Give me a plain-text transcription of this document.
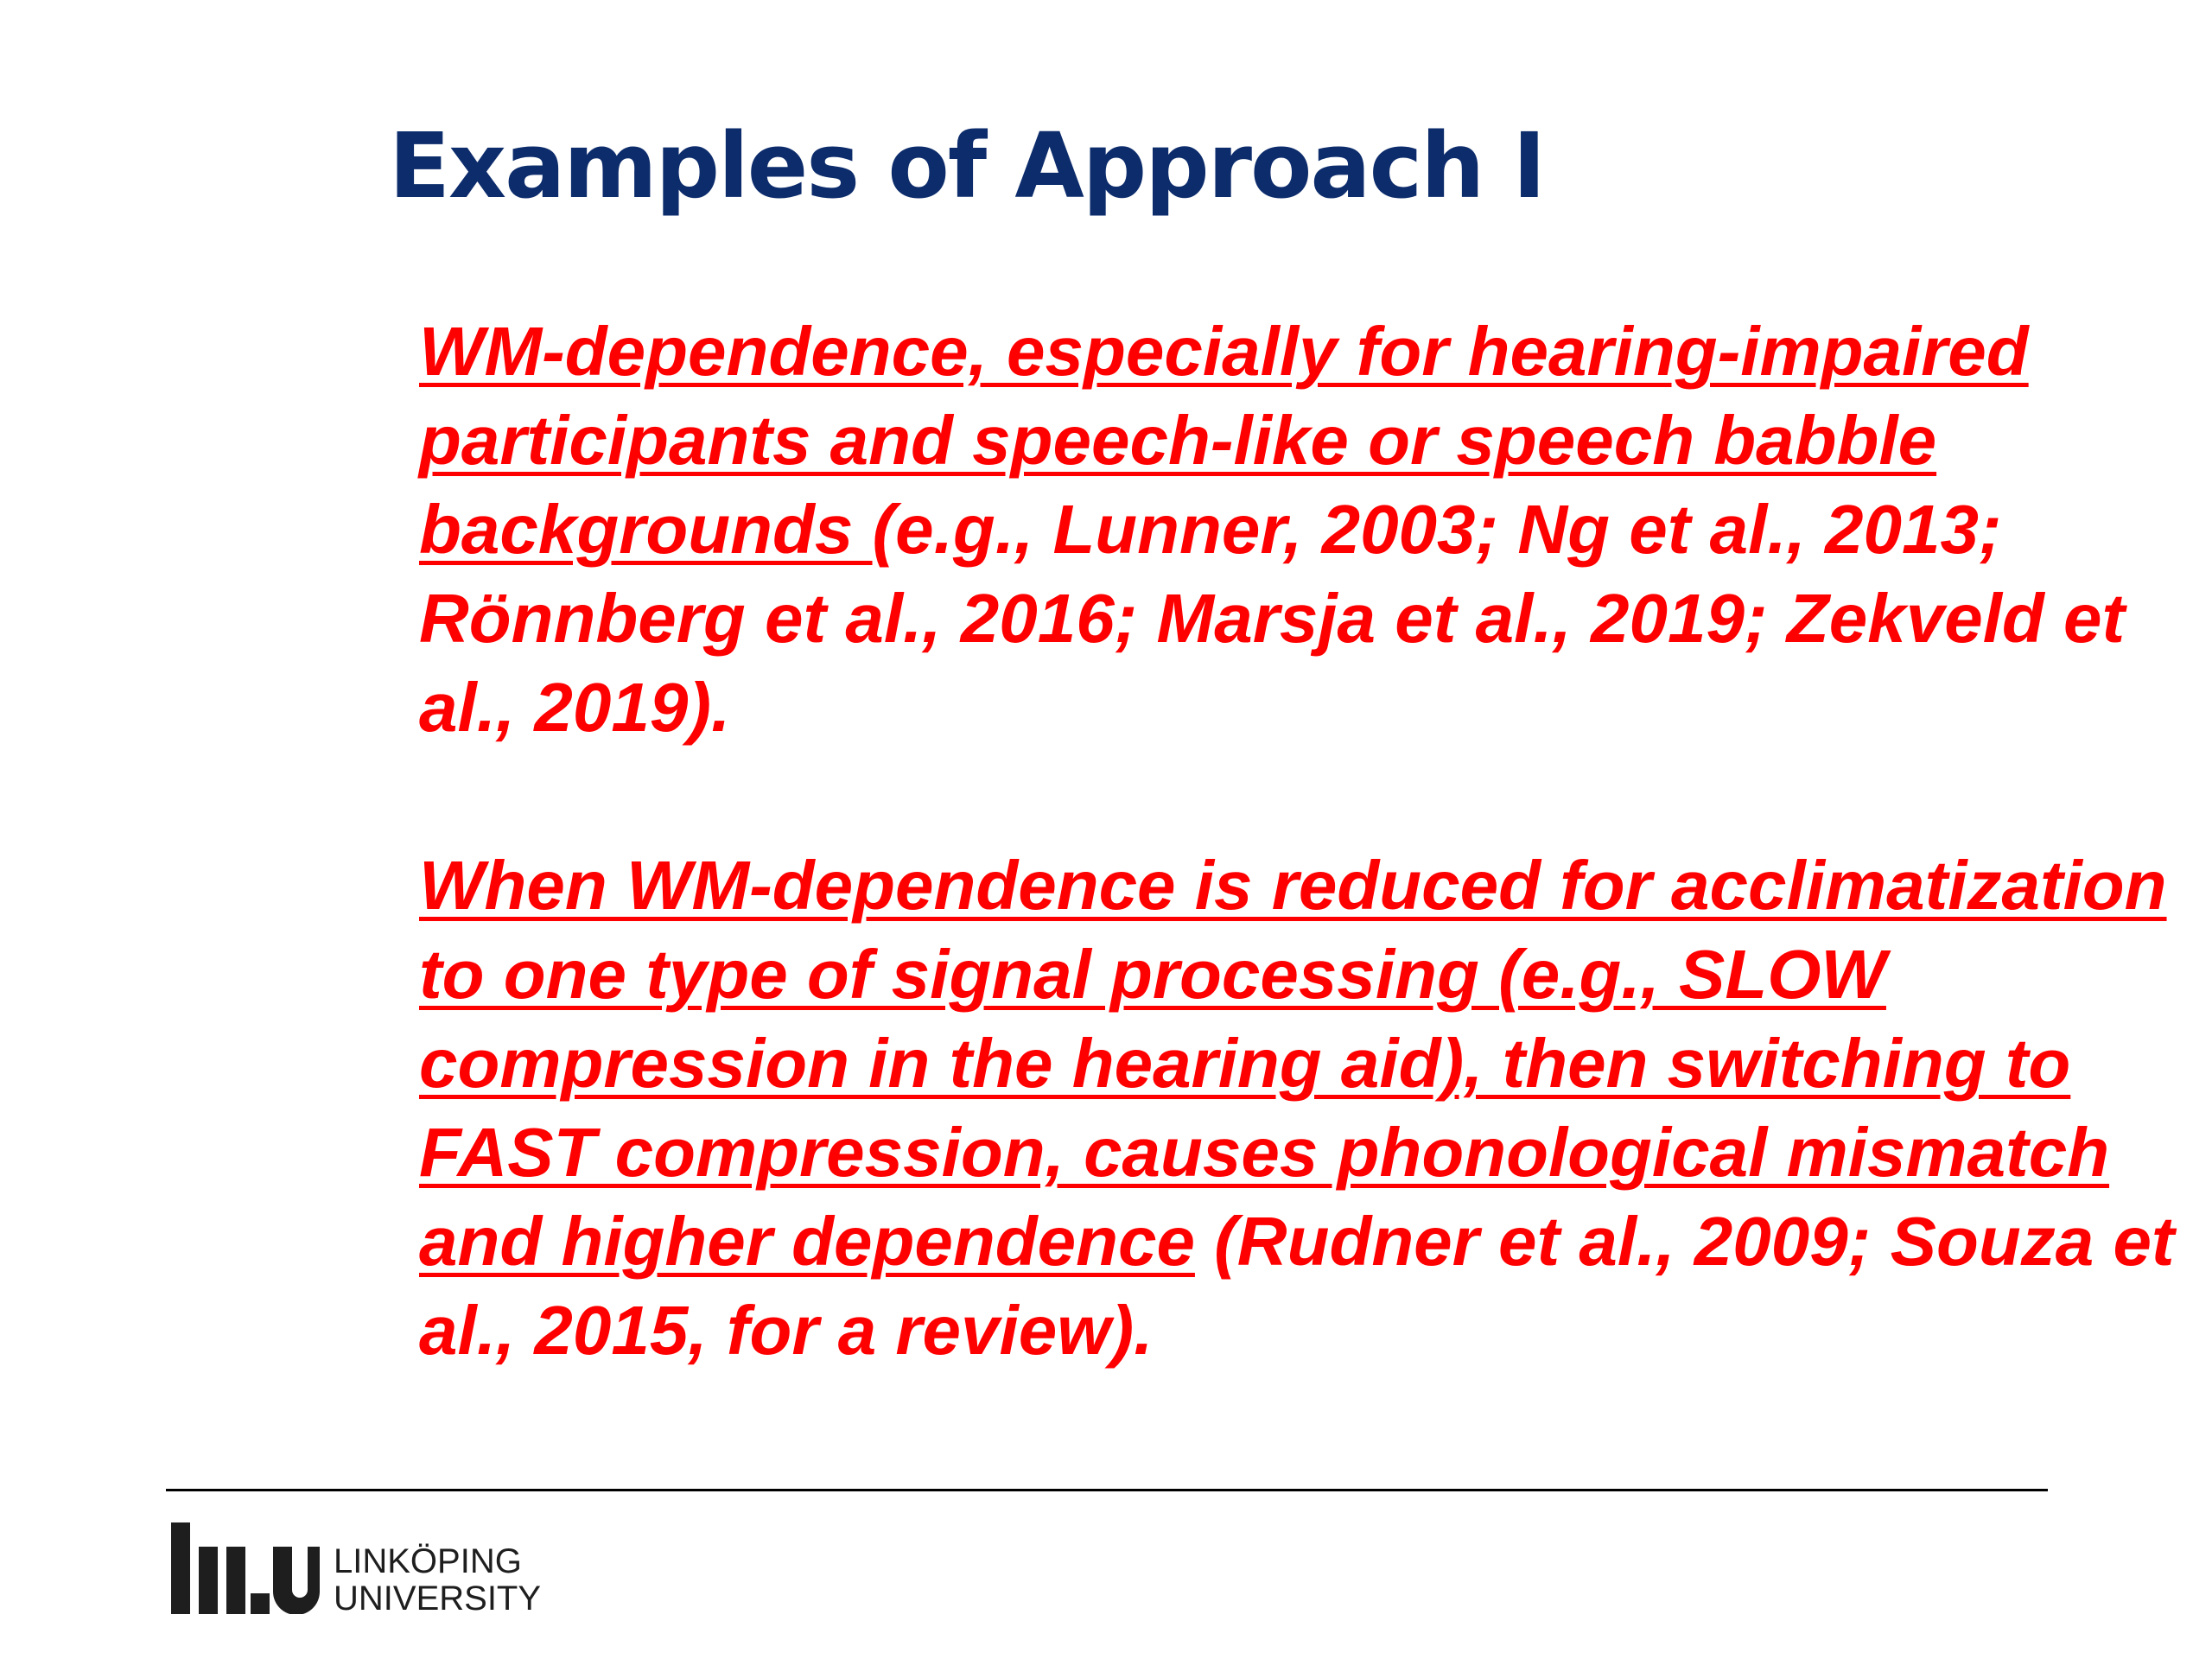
Examples of Approach I

WM-dependence, especially for hearing-impaired participants and speech-like or speech babble backgrounds (e.g., Lunner, 2003; Ng et al., 2013; Rönnberg et al., 2016; Marsja et al., 2019; Zekveld et al., 2019).

When WM-dependence is reduced for acclimatization to one type of signal processing (e.g., SLOW compression in the hearing aid), then switching to FAST compression, causes phonological mismatch and higher dependence (Rudner et al., 2009; Souza et al., 2015, for a review).

LINKÖPING
UNIVERSITY
